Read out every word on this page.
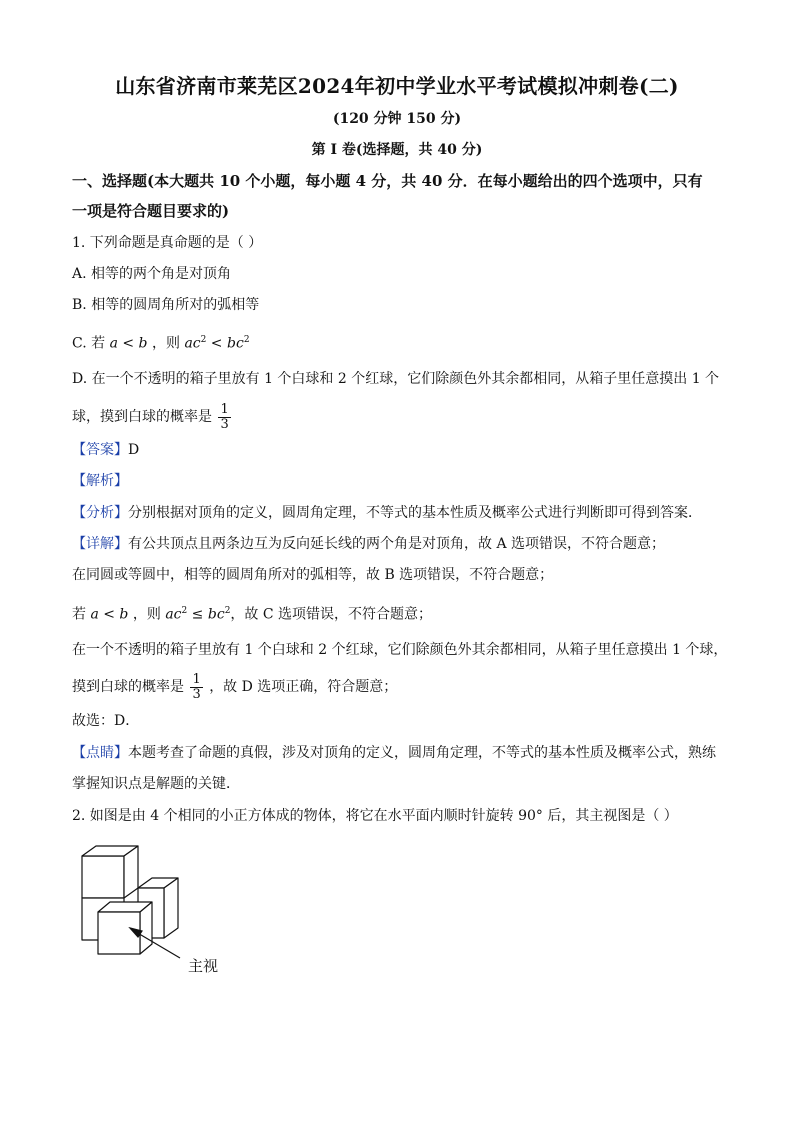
山东省济南市莱芜区2024年初中学业水平考试模拟冲刺卷(二)
(120 分钟 150 分)
第 I 卷(选择题，共 40 分)
一、选择题(本大题共 10 个小题，每小题 4 分，共 40 分．在每小题给出的四个选项中，只有
一项是符合题目要求的)
1. 下列命题是真命题的是（ ）
A. 相等的两个角是对顶角
B. 相等的圆周角所对的弧相等
C. 若 a < b ，则 $ac^2 < bc^2$
D. 在一个不透明的箱子里放有 1 个白球和 2 个红球，它们除颜色外其余都相同，从箱子里任意摸出 1 个
球，摸到白球的概率是 $\frac{1}{3}$
【答案】D
【解析】
【分析】分别根据对顶角的定义，圆周角定理，不等式的基本性质及概率公式进行判断即可得到答案．
【详解】有公共顶点且两条边互为反向延长线的两个角是对顶角，故 A 选项错误，不符合题意；
在同圆或等圆中，相等的圆周角所对的弧相等，故 B 选项错误，不符合题意；
若 a < b ，则 $ac^2 \le bc^2$，故 C 选项错误，不符合题意；
在一个不透明的箱子里放有 1 个白球和 2 个红球，它们除颜色外其余都相同，从箱子里任意摸出 1 个球，
摸到白球的概率是 $\frac{1}{3}$ ，故 D 选项正确，符合题意；
故选：D．
【点睛】本题考查了命题的真假，涉及对顶角的定义，圆周角定理，不等式的基本性质及概率公式，熟练
掌握知识点是解题的关键．
2. 如图是由 4 个相同的小正方体成的物体，将它在水平面内顺时针旋转 90° 后，其主视图是（ ）
主视
